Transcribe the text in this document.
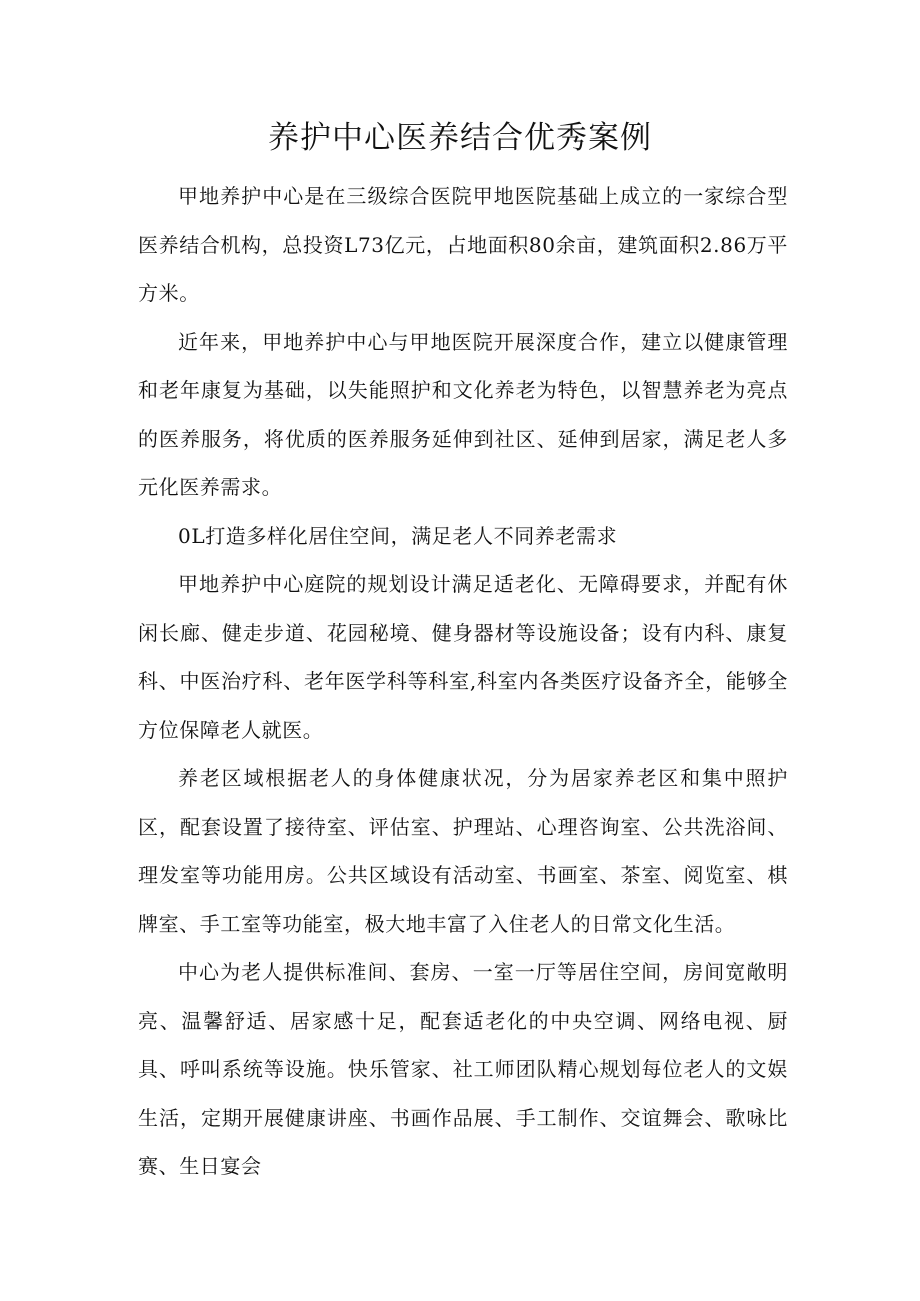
养护中心医养结合优秀案例

甲地养护中心是在三级综合医院甲地医院基础上成立的一家综合型医养结合机构，总投资L73亿元，占地面积80余亩，建筑面积2.86万平方米。

近年来，甲地养护中心与甲地医院开展深度合作，建立以健康管理和老年康复为基础，以失能照护和文化养老为特色，以智慧养老为亮点的医养服务，将优质的医养服务延伸到社区、延伸到居家，满足老人多元化医养需求。

0L打造多样化居住空间，满足老人不同养老需求

甲地养护中心庭院的规划设计满足适老化、无障碍要求，并配有休闲长廊、健走步道、花园秘境、健身器材等设施设备；设有内科、康复科、中医治疗科、老年医学科等科室,科室内各类医疗设备齐全，能够全方位保障老人就医。

养老区域根据老人的身体健康状况，分为居家养老区和集中照护区，配套设置了接待室、评估室、护理站、心理咨询室、公共洗浴间、理发室等功能用房。公共区域设有活动室、书画室、茶室、阅览室、棋牌室、手工室等功能室，极大地丰富了入住老人的日常文化生活。

中心为老人提供标准间、套房、一室一厅等居住空间，房间宽敞明亮、温馨舒适、居家感十足，配套适老化的中央空调、网络电视、厨具、呼叫系统等设施。快乐管家、社工师团队精心规划每位老人的文娱生活，定期开展健康讲座、书画作品展、手工制作、交谊舞会、歌咏比赛、生日宴会
